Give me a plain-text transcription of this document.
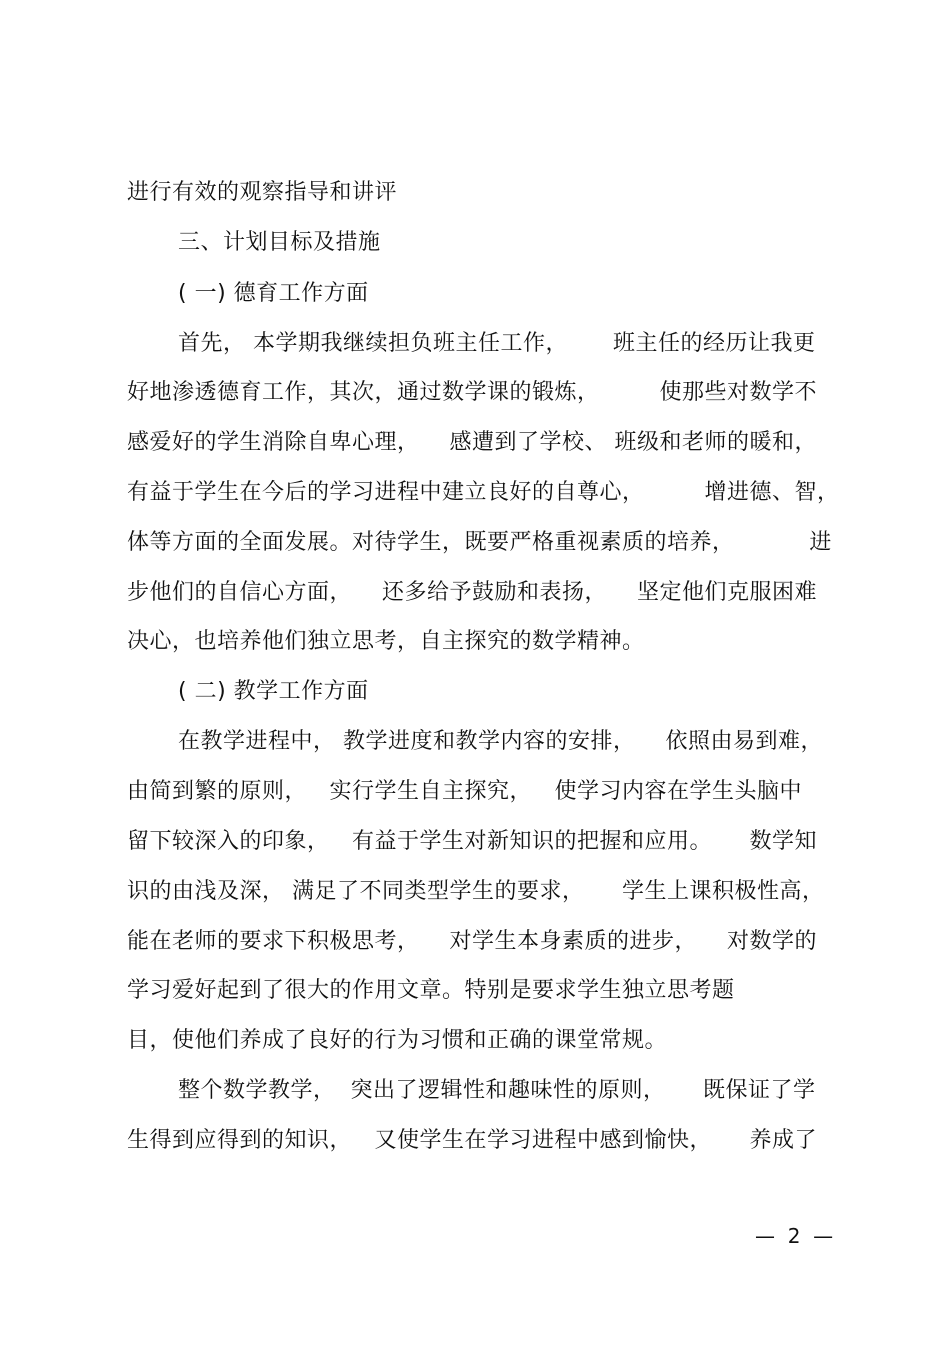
进行有效的观察指导和讲评
三、计划目标及措施
( 一) 德育工作方面
首先， 本学期我继续担负班主任工作，      班主任的经历让我更
好地渗透德育工作，其次，通过数学课的锻炼，        使那些对数学不
感爱好的学生消除自卑心理，    感遭到了学校、 班级和老师的暖和，
有益于学生在今后的学习进程中建立良好的自尊心，        增进德、智，
体等方面的全面发展。对待学生，既要严格重视素质的培养，          进
步他们的自信心方面，    还多给予鼓励和表扬，    坚定他们克服困难
决心，也培养他们独立思考，自主探究的数学精神。
( 二) 教学工作方面
在教学进程中， 教学进度和教学内容的安排，    依照由易到难，
由简到繁的原则，   实行学生自主探究，   使学习内容在学生头脑中
留下较深入的印象，   有益于学生对新知识的把握和应用。     数学知
识的由浅及深， 满足了不同类型学生的要求，     学生上课积极性高，
能在老师的要求下积极思考，    对学生本身素质的进步，    对数学的
学习爱好起到了很大的作用文章。特别是要求学生独立思考题
目，使他们养成了良好的行为习惯和正确的课堂常规。
整个数学教学，  突出了逻辑性和趣味性的原则，     既保证了学
生得到应得到的知识，   又使学生在学习进程中感到愉快，     养成了
—  2  —
